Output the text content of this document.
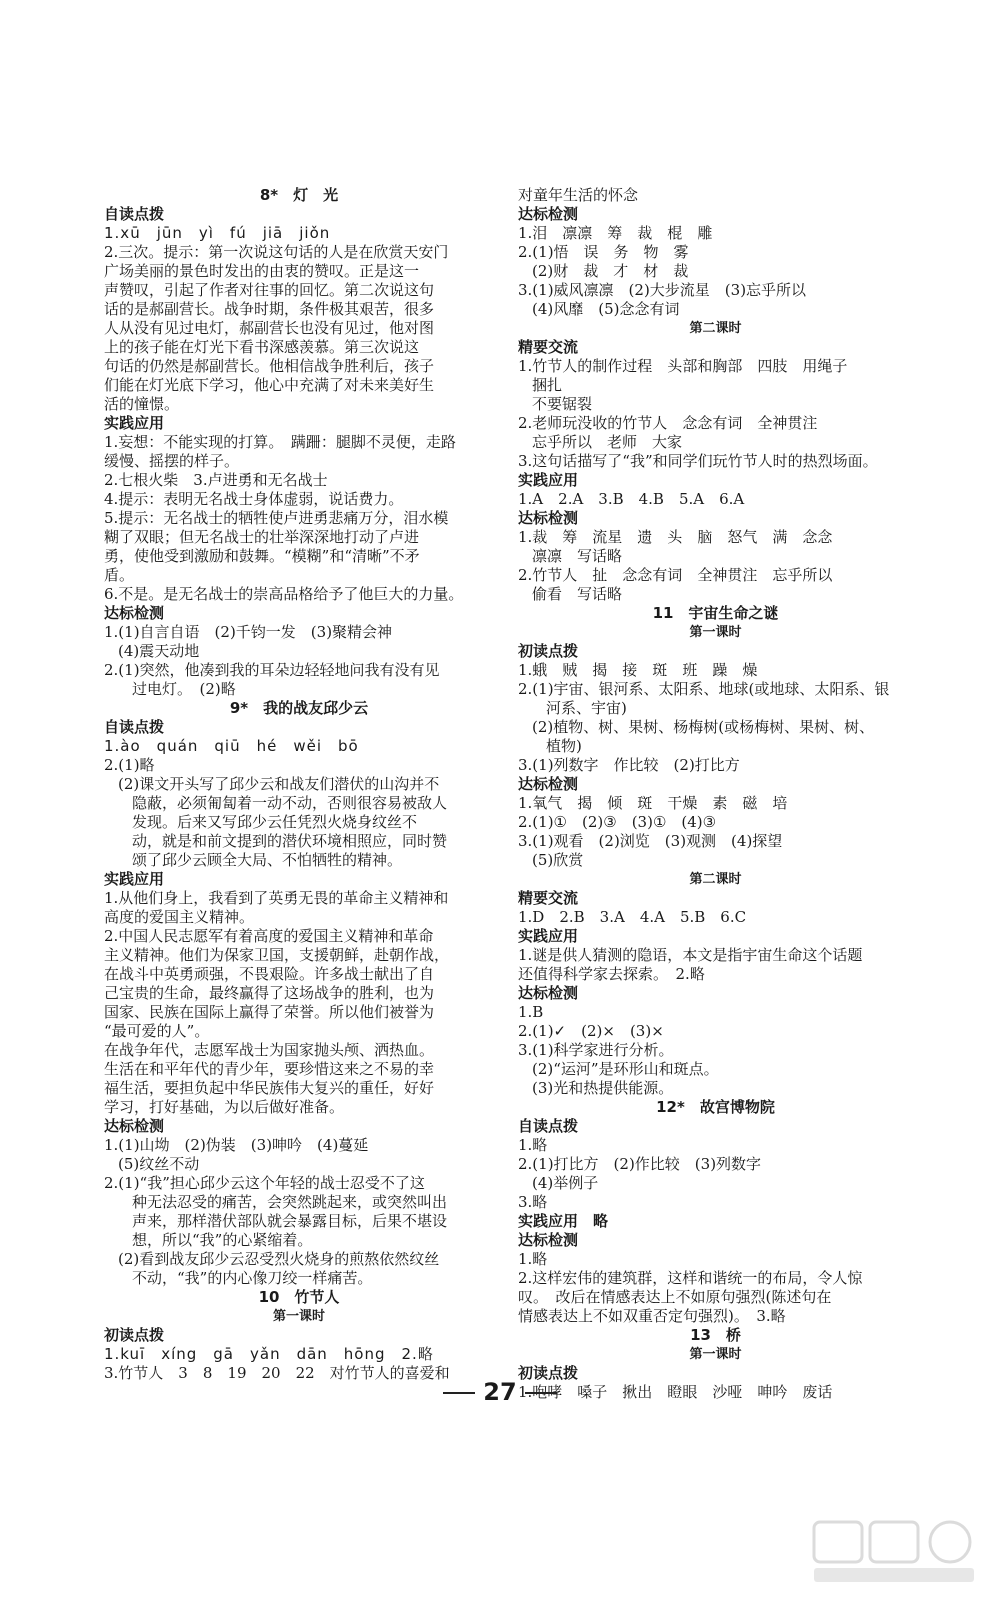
8*　灯　光
自读点拨
1.xū　jūn　yì　fú　jiā　jiǒn
2.三次。提示：第一次说这句话的人是在欣赏天安门
广场美丽的景色时发出的由衷的赞叹。正是这一
声赞叹，引起了作者对往事的回忆。第二次说这句
话的是郝副营长。战争时期，条件极其艰苦，很多
人从没有见过电灯，郝副营长也没有见过，他对图
上的孩子能在灯光下看书深感羡慕。第三次说这
句话的仍然是郝副营长。他相信战争胜利后，孩子
们能在灯光底下学习，他心中充满了对未来美好生
活的憧憬。
实践应用
1.妄想：不能实现的打算。　蹒跚：腿脚不灵便，走路
缓慢、摇摆的样子。
2.七根火柴　3.卢进勇和无名战士
4.提示：表明无名战士身体虚弱，说话费力。
5.提示：无名战士的牺牲使卢进勇悲痛万分，泪水模
糊了双眼；但无名战士的壮举深深地打动了卢进
勇，使他受到激励和鼓舞。“模糊”和“清晰”不矛
盾。
6.不是。是无名战士的崇高品格给予了他巨大的力量。
达标检测
1.(1)自言自语　(2)千钧一发　(3)聚精会神
(4)震天动地
2.(1)突然，他凑到我的耳朵边轻轻地问我有没有见
过电灯。　(2)略
9*　我的战友邱少云
自读点拨
1.ào　quán　qiū　hé　wěi　bō
2.(1)略
(2)课文开头写了邱少云和战友们潜伏的山沟并不
隐蔽，必须匍匐着一动不动，否则很容易被敌人
发现。后来又写邱少云任凭烈火烧身纹丝不
动，就是和前文提到的潜伏环境相照应，同时赞
颂了邱少云顾全大局、不怕牺牲的精神。
实践应用
1.从他们身上，我看到了英勇无畏的革命主义精神和
高度的爱国主义精神。
2.中国人民志愿军有着高度的爱国主义精神和革命
主义精神。他们为保家卫国，支援朝鲜，赴朝作战，
在战斗中英勇顽强，不畏艰险。许多战士献出了自
己宝贵的生命，最终赢得了这场战争的胜利，也为
国家、民族在国际上赢得了荣誉。所以他们被誉为
“最可爱的人”。
在战争年代，志愿军战士为国家抛头颅、洒热血。
生活在和平年代的青少年，要珍惜这来之不易的幸
福生活，要担负起中华民族伟大复兴的重任，好好
学习，打好基础，为以后做好准备。
达标检测
1.(1)山坳　(2)伪装　(3)呻吟　(4)蔓延
(5)纹丝不动
2.(1)“我”担心邱少云这个年轻的战士忍受不了这
种无法忍受的痛苦，会突然跳起来，或突然叫出
声来，那样潜伏部队就会暴露目标，后果不堪设
想，所以“我”的心紧缩着。
(2)看到战友邱少云忍受烈火烧身的煎熬依然纹丝
不动，“我”的内心像刀绞一样痛苦。
10　竹节人
第一课时
初读点拨
1.kuī　xíng　gā　yǎn　dān　hōng　2.略
3.竹节人　3　8　19　20　22　对竹节人的喜爱和
对童年生活的怀念
达标检测
1.泪　凛凛　筹　裁　棍　雕
2.(1)悟　误　务　物　雾
(2)财　裁　才　材　裁
3.(1)威风凛凛　(2)大步流星　(3)忘乎所以
(4)风靡　(5)念念有词
第二课时
精要交流
1.竹节人的制作过程　头部和胸部　四肢　用绳子
捆扎
不要锯裂
2.老师玩没收的竹节人　念念有词　全神贯注
忘乎所以　老师　大家
3.这句话描写了“我”和同学们玩竹节人时的热烈场面。
实践应用
1.A　2.A　3.B　4.B　5.A　6.A
达标检测
1.裁　筹　流星　遗　头　脑　怒气　满　念念
凛凛　写话略
2.竹节人　扯　念念有词　全神贯注　忘乎所以
偷看　写话略
11　宇宙生命之谜
第一课时
初读点拨
1.蛾　贼　揭　接　斑　班　躁　燥
2.(1)宇宙、银河系、太阳系、地球(或地球、太阳系、银
河系、宇宙)
(2)植物、树、果树、杨梅树(或杨梅树、果树、树、
植物)
3.(1)列数字　作比较　(2)打比方
达标检测
1.氧气　揭　倾　斑　干燥　素　磁　培
2.(1)①　(2)③　(3)①　(4)③
3.(1)观看　(2)浏览　(3)观测　(4)探望
(5)欣赏
第二课时
精要交流
1.D　2.B　3.A　4.A　5.B　6.C
实践应用
1.谜是供人猜测的隐语，本文是指宇宙生命这个话题
还值得科学家去探索。　2.略
达标检测
1.B
2.(1)✓　(2)×　(3)×
3.(1)科学家进行分析。
(2)“运河”是环形山和斑点。
(3)光和热提供能源。
12*　故宫博物院
自读点拨
1.略
2.(1)打比方　(2)作比较　(3)列数字
(4)举例子
3.略
实践应用　略
达标检测
1.略
2.这样宏伟的建筑群，这样和谐统一的布局，令人惊
叹。　改后在情感表达上不如原句强烈(陈述句在
情感表达上不如双重否定句强烈)。　3.略
13　桥
第一课时
初读点拨
1.咆哮　嗓子　揪出　瞪眼　沙哑　呻吟　废话
27
